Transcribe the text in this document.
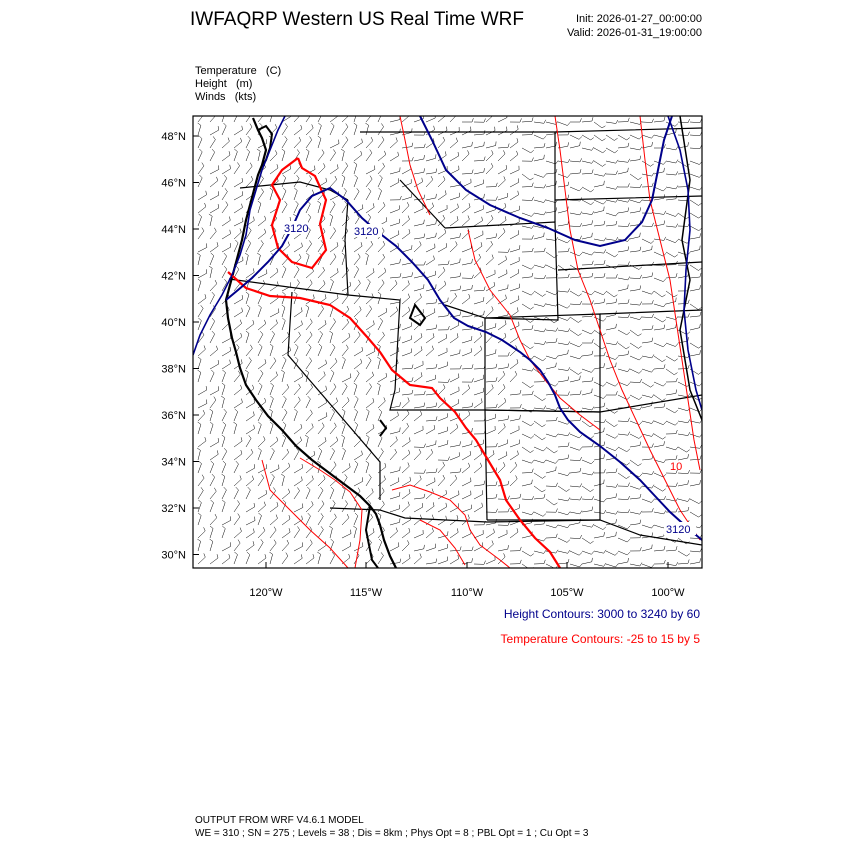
IWFAQRP Western US Real Time WRF	Init: 2026-01-27_00:00:00
Valid: 2026-01-31_19:00:00
Temperature   (C)
Height   (m)
Winds   (kts)
3120	3120
3120
10
48°N
46°N
44°N
42°N
40°N
38°N
36°N
34°N
32°N
30°N
120°W	115°W	110°W	105°W	100°W
Height Contours: 3000 to 3240 by 60
Temperature Contours: -25 to 15 by 5
OUTPUT FROM WRF V4.6.1 MODEL
WE = 310 ; SN = 275 ; Levels = 38 ; Dis = 8km ; Phys Opt = 8 ; PBL Opt = 1 ; Cu Opt = 3
